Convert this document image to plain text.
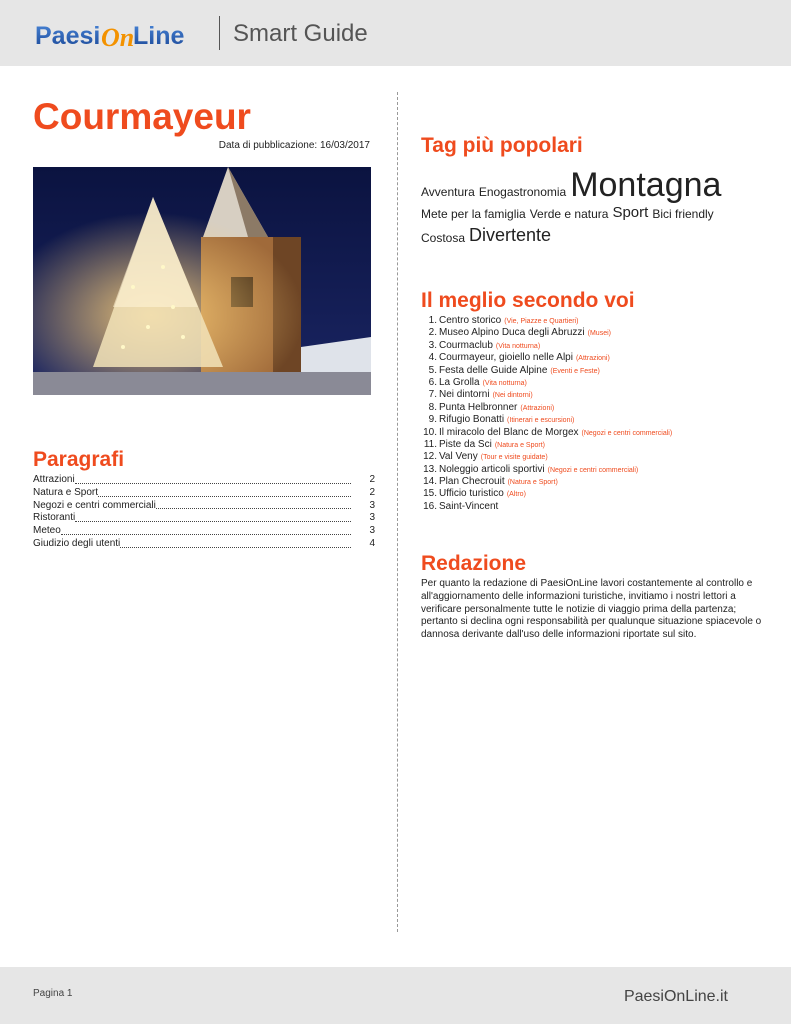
Paesi On
Line Smart Guide
Courmayeur
Data di pubblicazione: 16/03/2017
Paragrafi
Attrazioni	2
Natura e Sport	2
Negozi e centri commerciali	3
Ristoranti	3
Meteo	3
Giudizio degli utenti	4
Tag più popolari
Avventura Enogastronomia Montagna
Mete per la famiglia Verde e natura Sport Bici friendly
Costosa Divertente
Il meglio secondo voi
1. Centro storico (Vie, Piazze e Quartieri)
2. Museo Alpino Duca degli Abruzzi (Musei)
3. Courmaclub (Vita notturna)
4. Courmayeur, gioiello nelle Alpi (Attrazioni)
5. Festa delle Guide Alpine (Eventi e Feste)
6. La Grolla (Vita notturna)
7. Nei dintorni (Nei dintorni)
8. Punta Helbronner (Attrazioni)
9. Rifugio Bonatti (Itinerari e escursioni)
10. Il miracolo del Blanc de Morgex (Negozi e centri commerciali)
11. Piste da Sci (Natura e Sport)
12. Val Veny (Tour e visite guidate)
13. Noleggio articoli sportivi (Negozi e centri commerciali)
14. Plan Checrouit (Natura e Sport)
15. Ufficio turistico (Altro)
16. Saint-Vincent
Redazione
Per quanto la redazione di PaesiOnLine lavori costantemente al controllo e all'aggiornamento delle informazioni turistiche, invitiamo i nostri lettori a verificare personalmente tutte le notizie di viaggio prima della partenza; pertanto si declina ogni responsabilità per qualunque situazione spiacevole o dannosa derivante dall'uso delle informazioni riportate sul sito.
Pagina 1	PaesiOnLine.it
